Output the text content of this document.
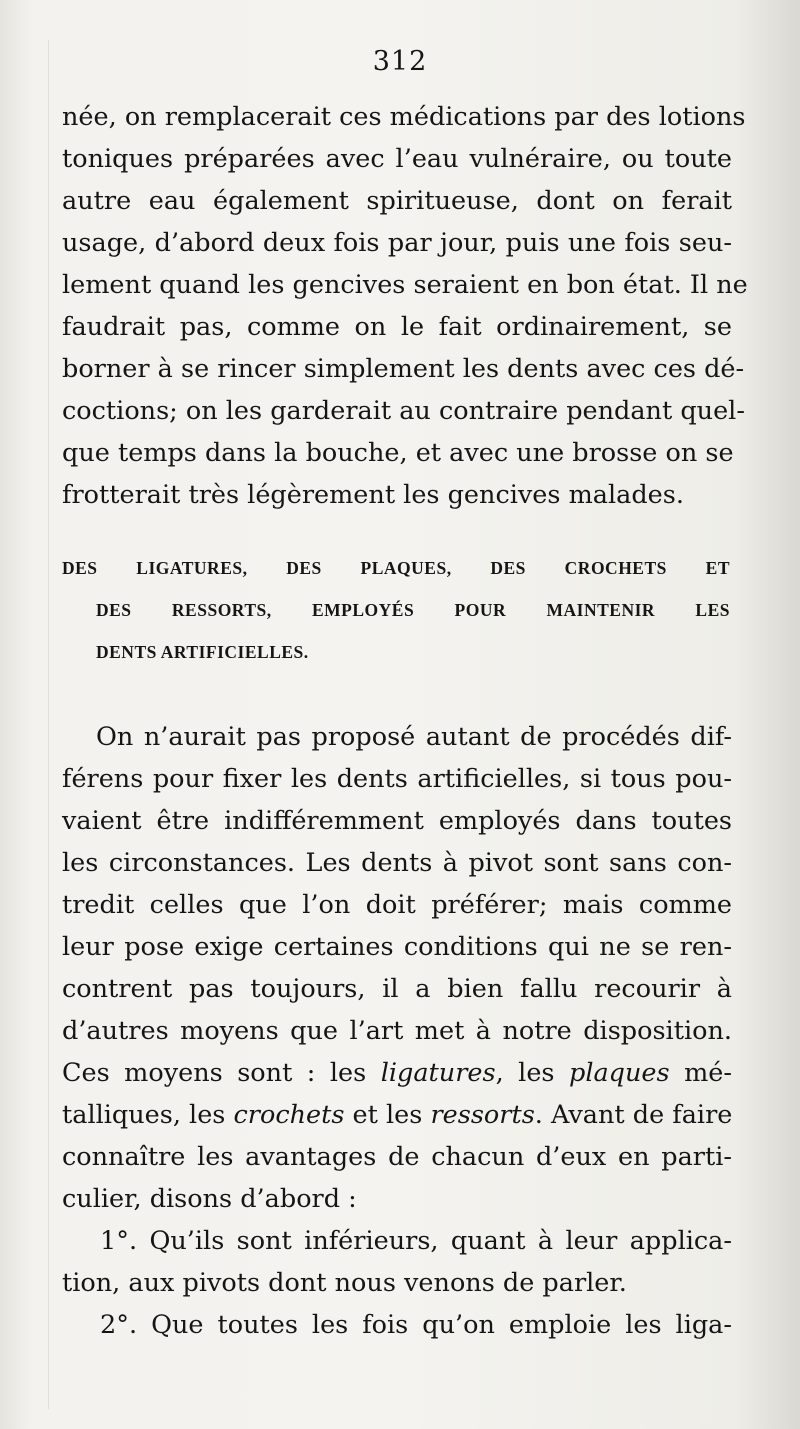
312
née, on remplacerait ces médications par des lotions
toniques préparées avec l’eau vulnéraire, ou toute
autre eau également spiritueuse, dont on ferait
usage, d’abord deux fois par jour, puis une fois seu-
lement quand les gencives seraient en bon état. Il ne
faudrait pas, comme on le fait ordinairement, se
borner à se rincer simplement les dents avec ces dé-
coctions; on les garderait au contraire pendant quel-
que temps dans la bouche, et avec une brosse on se
frotterait très légèrement les gencives malades.
DES LIGATURES, DES PLAQUES, DES CROCHETS ET
DES RESSORTS, EMPLOYÉS POUR MAINTENIR LES
DENTS ARTIFICIELLES.
On n’aurait pas proposé autant de procédés dif-
férens pour fixer les dents artificielles, si tous pou-
vaient être indifféremment employés dans toutes
les circonstances. Les dents à pivot sont sans con-
tredit celles que l’on doit préférer; mais comme
leur pose exige certaines conditions qui ne se ren-
contrent pas toujours, il a bien fallu recourir à
d’autres moyens que l’art met à notre disposition.
Ces moyens sont : les ligatures, les plaques mé-
talliques, les crochets et les ressorts. Avant de faire
connaître les avantages de chacun d’eux en parti-
culier, disons d’abord :
1°. Qu’ils sont inférieurs, quant à leur applica-
tion, aux pivots dont nous venons de parler.
2°. Que toutes les fois qu’on emploie les liga-
